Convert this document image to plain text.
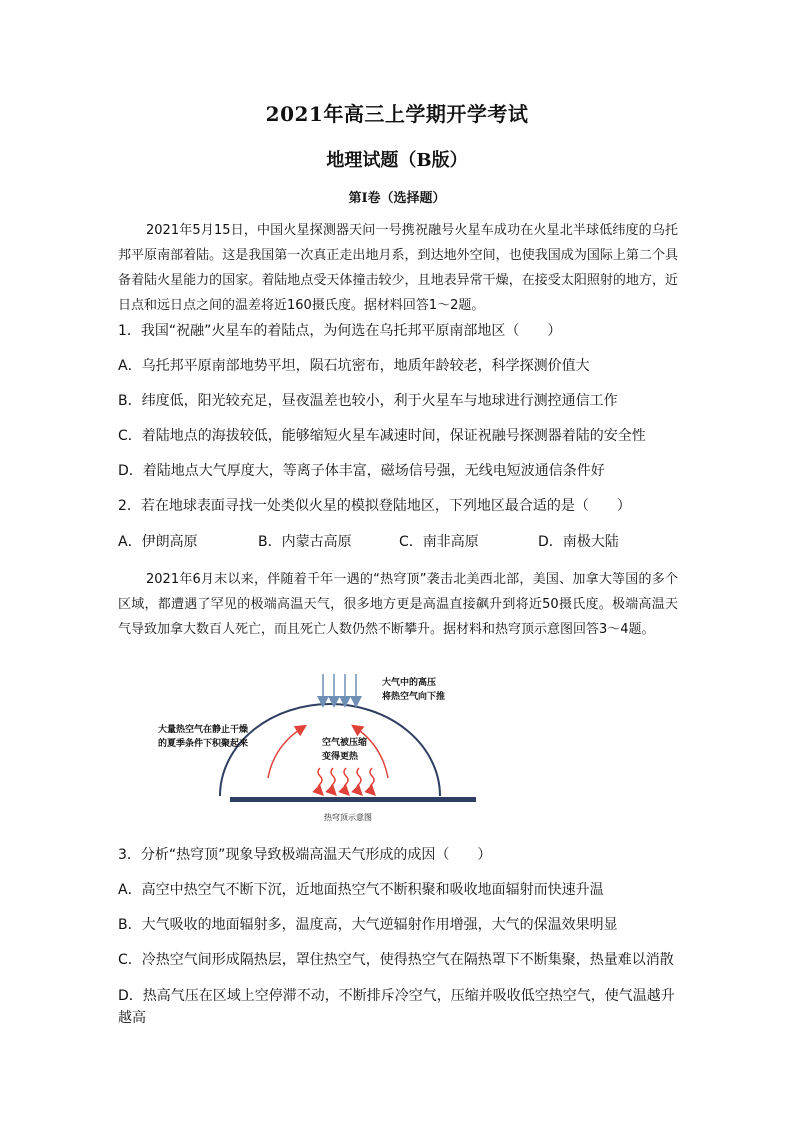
2021年高三上学期开学考试
地理试题（B版）
第Ⅰ卷（选择题）
2021年5月15日，中国火星探测器天问一号携祝融号火星车成功在火星北半球低纬度的乌托邦平原南部着陆。这是我国第一次真正走出地月系，到达地外空间，也使我国成为国际上第二个具备着陆火星能力的国家。着陆地点受天体撞击较少，且地表异常干燥，在接受太阳照射的地方，近日点和远日点之间的温差将近160摄氏度。据材料回答1～2题。
1．我国“祝融”火星车的着陆点，为何选在乌托邦平原南部地区（　　）
A．乌托邦平原南部地势平坦，陨石坑密布，地质年龄较老，科学探测价值大
B．纬度低，阳光较充足，昼夜温差也较小，利于火星车与地球进行测控通信工作
C．着陆地点的海拔较低，能够缩短火星车减速时间，保证祝融号探测器着陆的安全性
D．着陆地点大气厚度大，等离子体丰富，磁场信号强，无线电短波通信条件好
2．若在地球表面寻找一处类似火星的模拟登陆地区，下列地区最合适的是（　　）
A．伊朗高原	B．内蒙古高原	C．南非高原	D．南极大陆
2021年6月末以来，伴随着千年一遇的“热穹顶”袭击北美西北部，美国、加拿大等国的多个区域，都遭遇了罕见的极端高温天气，很多地方更是高温直接飙升到将近50摄氏度。极端高温天气导致加拿大数百人死亡，而且死亡人数仍然不断攀升。据材料和热穹顶示意图回答3～4题。
大气中的高压
将热空气向下推
大量热空气在静止干燥
的夏季条件下积聚起来	空气被压缩
变得更热
热穹顶示意图
3．分析“热穹顶”现象导致极端高温天气形成的成因（　　）
A．高空中热空气不断下沉，近地面热空气不断积聚和吸收地面辐射而快速升温
B．大气吸收的地面辐射多，温度高，大气逆辐射作用增强，大气的保温效果明显
C．冷热空气间形成隔热层，罩住热空气，使得热空气在隔热罩下不断集聚，热量难以消散
D．热高气压在区域上空停滞不动，不断排斥冷空气，压缩并吸收低空热空气，使气温越升越高
